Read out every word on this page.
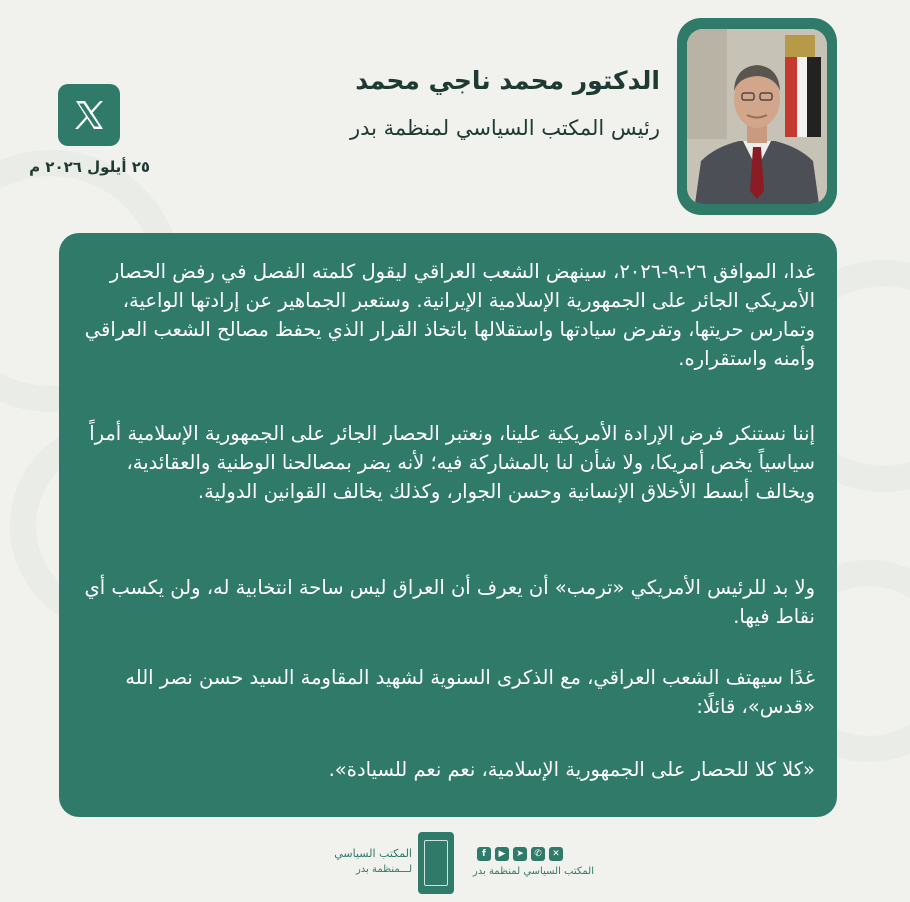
الدكتور محمد ناجي محمد
رئيس المكتب السياسي لمنظمة بدر
٢٥ أيلول ٢٠٢٦ م

غدا، الموافق ٢٦-٩-٢٠٢٦، سينهض الشعب العراقي ليقول كلمته الفصل في رفض الحصار الأمريكي الجائر على الجمهورية الإسلامية الإيرانية. وستعبر الجماهير عن إرادتها الواعية، وتمارس حريتها، وتفرض سيادتها واستقلالها باتخاذ القرار الذي يحفظ مصالح الشعب العراقي وأمنه واستقراره.

إننا نستنكر فرض الإرادة الأمريكية علينا، ونعتبر الحصار الجائر على الجمهورية الإسلامية أمراً سياسياً يخص أمريكا، ولا شأن لنا بالمشاركة فيه؛ لأنه يضر بمصالحنا الوطنية والعقائدية، ويخالف أبسط الأخلاق الإنسانية وحسن الجوار، وكذلك يخالف القوانين الدولية.

ولا بد للرئيس الأمريكي «ترمب» أن يعرف أن العراق ليس ساحة انتخابية له، ولن يكسب أي نقاط فيها.

غدًا سيهتف الشعب العراقي، مع الذكرى السنوية لشهيد المقاومة السيد حسن نصر الله «قدس»، قائلًا:

«كلا كلا للحصار على الجمهورية الإسلامية، نعم نعم للسيادة».

المكتب السياسي
لـــمنظمة بدر
f	▶	➤	✆	✕
المكتب السياسي لمنظمة بدر
